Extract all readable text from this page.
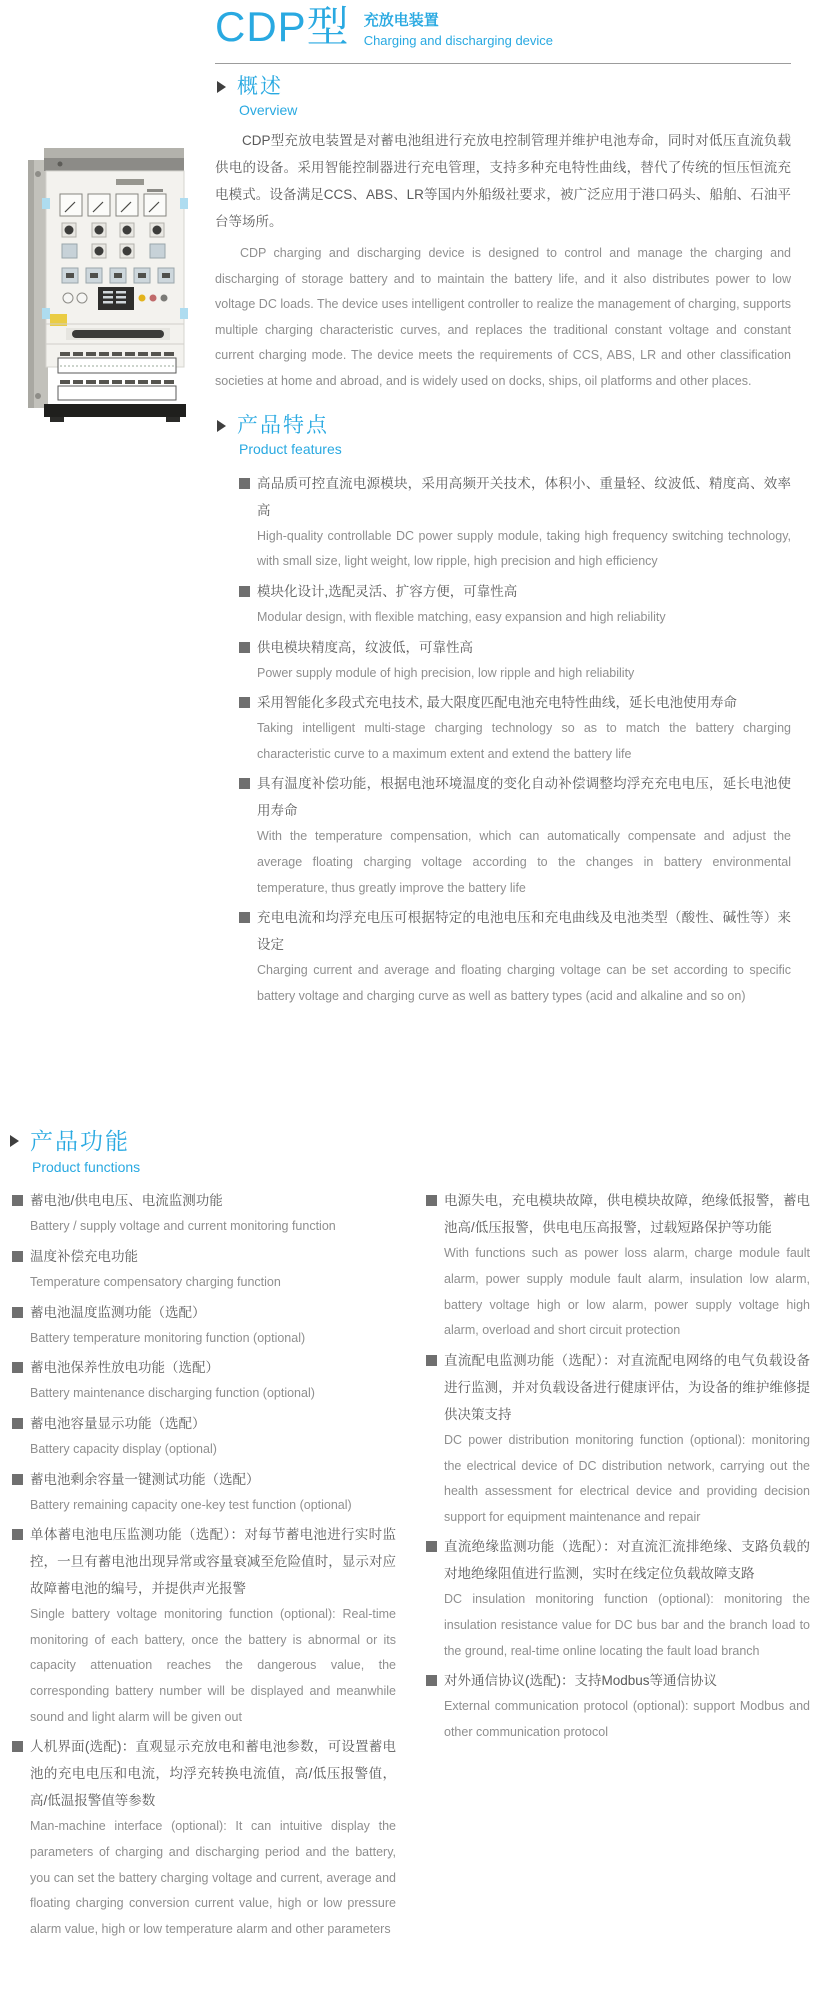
CDP型 充放电装置
Charging and discharging device
概述
Overview

CDP型充放电装置是对蓄电池组进行充放电控制管理并维护电池寿命，同时对低压直流负载供电的设备。采用智能控制器进行充电管理，支持多种充电特性曲线，替代了传统的恒压恒流充电模式。设备满足CCS、ABS、LR等国内外船级社要求，被广泛应用于港口码头、船舶、石油平台等场所。

CDP charging and discharging device is designed to control and manage the charging and discharging of storage battery and to maintain the battery life, and it also distributes power to low voltage DC loads. The device uses intelligent controller to realize the management of charging, supports multiple charging characteristic curves, and replaces the traditional constant voltage and constant current charging mode. The device meets the requirements of CCS, ABS, LR and other classification societies at home and abroad, and is widely used on docks, ships, oil platforms and other places.

产品特点
Product features

高品质可控直流电源模块，采用高频开关技术，体积小、重量轻、纹波低、精度高、效率高

High-quality controllable DC power supply module, taking high frequency switching technology, with small size, light weight, low ripple, high precision and high efficiency

模块化设计,选配灵活、扩容方便，可靠性高

Modular design, with flexible matching, easy expansion and high reliability

供电模块精度高，纹波低，可靠性高

Power supply module of high precision, low ripple and high reliability

采用智能化多段式充电技术, 最大限度匹配电池充电特性曲线，延长电池使用寿命

Taking intelligent multi-stage charging technology so as to match the battery charging characteristic curve to a maximum extent and extend the battery life

具有温度补偿功能，根据电池环境温度的变化自动补偿调整均浮充充电电压，延长电池使用寿命

With the temperature compensation, which can automatically compensate and adjust the average floating charging voltage according to the changes in battery environmental temperature, thus greatly improve the battery life

充电电流和均浮充电压可根据特定的电池电压和充电曲线及电池类型（酸性、碱性等）来设定

Charging current and average and floating charging voltage can be set according to specific battery voltage and charging curve as well as battery types (acid and alkaline and so on)

产品功能
Product functions

蓄电池/供电电压、电流监测功能

Battery / supply voltage and current monitoring function

温度补偿充电功能

Temperature compensatory charging function

蓄电池温度监测功能（选配）

Battery temperature monitoring function (optional)

蓄电池保养性放电功能（选配）

Battery maintenance discharging function (optional)

蓄电池容量显示功能（选配）

Battery capacity display (optional)

蓄电池剩余容量一键测试功能（选配）

Battery remaining capacity one-key test function (optional)

单体蓄电池电压监测功能（选配）：对每节蓄电池进行实时监控，一旦有蓄电池出现异常或容量衰减至危险值时，显示对应故障蓄电池的编号，并提供声光报警

Single battery voltage monitoring function (optional): Real-time monitoring of each battery, once the battery is abnormal or its capacity attenuation reaches the dangerous value, the corresponding battery number will be displayed and meanwhile sound and light alarm will be given out

人机界面(选配)：直观显示充放电和蓄电池参数，可设置蓄电池的充电电压和电流，均浮充转换电流值，高/低压报警值，高/低温报警值等参数

Man-machine interface (optional): It can intuitive display the parameters of charging and discharging period and the battery, you can set the battery charging voltage and current, average and floating charging conversion current value, high or low pressure alarm value, high or low temperature alarm and other parameters

电源失电，充电模块故障，供电模块故障，绝缘低报警，蓄电池高/低压报警，供电电压高报警，过载短路保护等功能

With functions such as power loss alarm, charge module fault alarm, power supply module fault alarm, insulation low alarm, battery voltage high or low alarm, power supply voltage high alarm, overload and short circuit protection

直流配电监测功能（选配）：对直流配电网络的电气负载设备进行监测，并对负载设备进行健康评估，为设备的维护维修提供决策支持

DC power distribution monitoring function (optional): monitoring the electrical device of DC distribution network, carrying out the health assessment for electrical device and providing decision support for equipment maintenance and repair

直流绝缘监测功能（选配）：对直流汇流排绝缘、支路负载的对地绝缘阻值进行监测，实时在线定位负载故障支路

DC insulation monitoring function (optional): monitoring the insulation resistance value for DC bus bar and the branch load to the ground, real-time online locating the fault load branch

对外通信协议(选配)：支持Modbus等通信协议

External communication protocol (optional): support Modbus and other communication protocol
